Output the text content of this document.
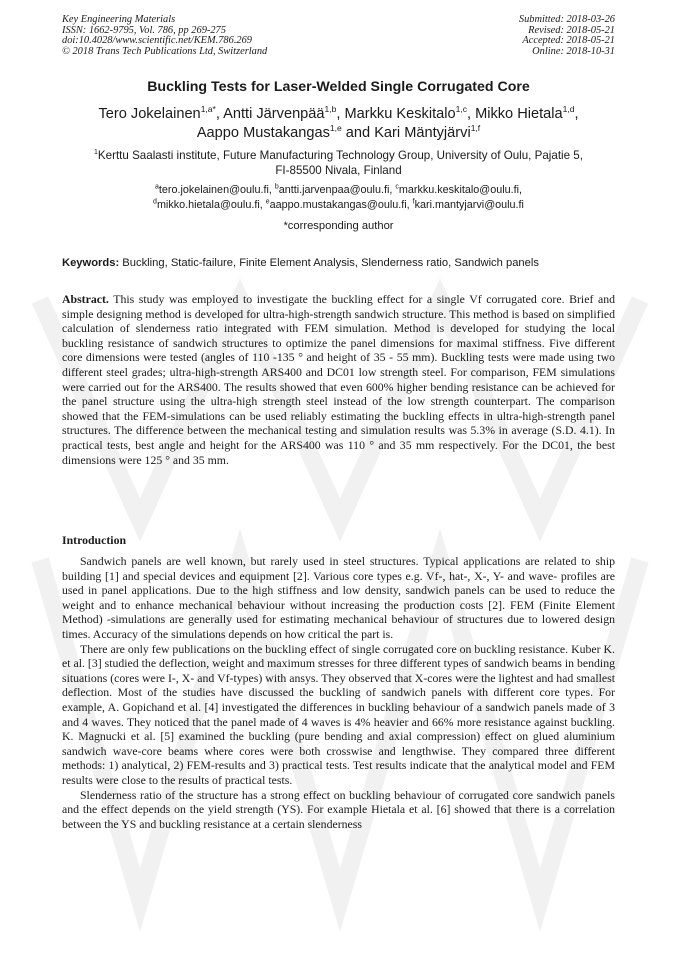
Key Engineering Materials
ISSN: 1662-9795, Vol. 786, pp 269-275
doi:10.4028/www.scientific.net/KEM.786.269
© 2018 Trans Tech Publications Ltd, Switzerland
Submitted: 2018-03-26
Revised: 2018-05-21
Accepted: 2018-05-21
Online: 2018-10-31
Buckling Tests for Laser-Welded Single Corrugated Core
Tero Jokelainen$^{1,a*}$, Antti Järvenpää$^{1,b}$, Markku Keskitalo$^{1,c}$, Mikko Hietala$^{1,d}$,
Aappo Mustakangas$^{1,e}$ and Kari Mäntyjärvi$^{1,f}$
$^1$Kerttu Saalasti institute, Future Manufacturing Technology Group, University of Oulu, Pajatie 5,
FI-85500 Nivala, Finland
$^a$tero.jokelainen@oulu.fi, $^b$antti.jarvenpaa@oulu.fi, $^c$markku.keskitalo@oulu.fi,
$^d$mikko.hietala@oulu.fi, $^e$aappo.mustakangas@oulu.fi, $^f$kari.mantyjarvi@oulu.fi
*corresponding author
Keywords: Buckling, Static-failure, Finite Element Analysis, Slenderness ratio, Sandwich panels
Abstract. This study was employed to investigate the buckling effect for a single Vf corrugated core. Brief and simple designing method is developed for ultra-high-strength sandwich structure. This method is based on simplified calculation of slenderness ratio integrated with FEM simulation. Method is developed for studying the local buckling resistance of sandwich structures to optimize the panel dimensions for maximal stiffness. Five different core dimensions were tested (angles of 110 -135 ° and height of 35 - 55 mm). Buckling tests were made using two different steel grades; ultra-high-strength ARS400 and DC01 low strength steel. For comparison, FEM simulations were carried out for the ARS400. The results showed that even 600% higher bending resistance can be achieved for the panel structure using the ultra-high strength steel instead of the low strength counterpart. The comparison showed that the FEM-simulations can be used reliably estimating the buckling effects in ultra-high-strength panel structures. The difference between the mechanical testing and simulation results was 5.3% in average (S.D. 4.1). In practical tests, best angle and height for the ARS400 was 110 ° and 35 mm respectively. For the DC01, the best dimensions were 125 ° and 35 mm.
Introduction

Sandwich panels are well known, but rarely used in steel structures. Typical applications are related to ship building [1] and special devices and equipment [2]. Various core types e.g. Vf-, hat-, X-, Y- and wave- profiles are used in panel applications. Due to the high stiffness and low density, sandwich panels can be used to reduce the weight and to enhance mechanical behaviour without increasing the production costs [2]. FEM (Finite Element Method) -simulations are generally used for estimating mechanical behaviour of structures due to lowered design times. Accuracy of the simulations depends on how critical the part is.

There are only few publications on the buckling effect of single corrugated core on buckling resistance. Kuber K. et al. [3] studied the deflection, weight and maximum stresses for three different types of sandwich beams in bending situations (cores were I-, X- and Vf-types) with ansys. They observed that X-cores were the lightest and had smallest deflection. Most of the studies have discussed the buckling of sandwich panels with different core types. For example, A. Gopichand et al. [4] investigated the differences in buckling behaviour of a sandwich panels made of 3 and 4 waves. They noticed that the panel made of 4 waves is 4% heavier and 66% more resistance against buckling. K. Magnucki et al. [5] examined the buckling (pure bending and axial compression) effect on glued aluminium sandwich wave-core beams where cores were both crosswise and lengthwise. They compared three different methods: 1) analytical, 2) FEM-results and 3) practical tests. Test results indicate that the analytical model and FEM results were close to the results of practical tests.

Slenderness ratio of the structure has a strong effect on buckling behaviour of corrugated core sandwich panels and the effect depends on the yield strength (YS). For example Hietala et al. [6] showed that there is a correlation between the YS and buckling resistance at a certain slenderness
